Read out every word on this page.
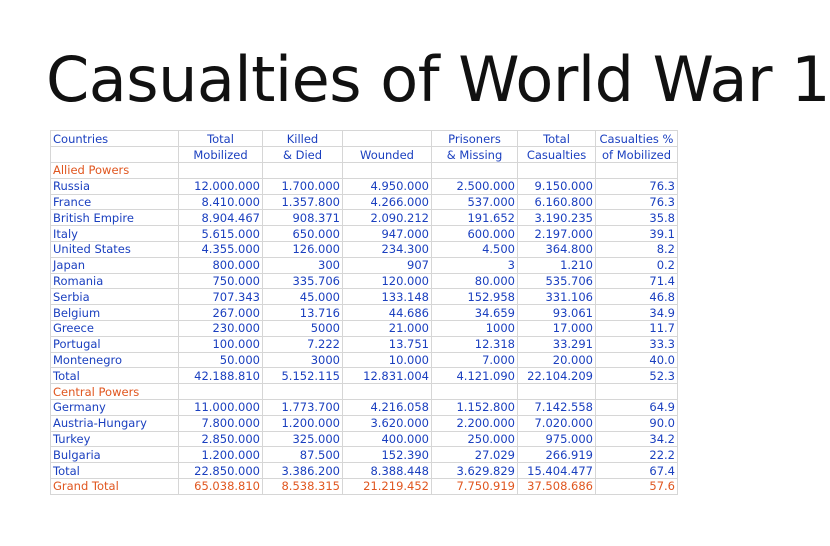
Casualties of World War 1
Countries	Total	Killed		Prisoners	Total	Casualties %
	Mobilized	& Died	Wounded	& Missing	Casualties	of Mobilized
Allied Powers						
Russia	12.000.000	1.700.000	4.950.000	2.500.000	9.150.000	76.3
France	8.410.000	1.357.800	4.266.000	537.000	6.160.800	76.3
British Empire	8.904.467	908.371	2.090.212	191.652	3.190.235	35.8
Italy	5.615.000	650.000	947.000	600.000	2.197.000	39.1
United States	4.355.000	126.000	234.300	4.500	364.800	8.2
Japan	800.000	300	907	3	1.210	0.2
Romania	750.000	335.706	120.000	80.000	535.706	71.4
Serbia	707.343	45.000	133.148	152.958	331.106	46.8
Belgium	267.000	13.716	44.686	34.659	93.061	34.9
Greece	230.000	5000	21.000	1000	17.000	11.7
Portugal	100.000	7.222	13.751	12.318	33.291	33.3
Montenegro	50.000	3000	10.000	7.000	20.000	40.0
Total	42.188.810	5.152.115	12.831.004	4.121.090	22.104.209	52.3
Central Powers						
Germany	11.000.000	1.773.700	4.216.058	1.152.800	7.142.558	64.9
Austria-Hungary	7.800.000	1.200.000	3.620.000	2.200.000	7.020.000	90.0
Turkey	2.850.000	325.000	400.000	250.000	975.000	34.2
Bulgaria	1.200.000	87.500	152.390	27.029	266.919	22.2
Total	22.850.000	3.386.200	8.388.448	3.629.829	15.404.477	67.4
Grand Total	65.038.810	8.538.315	21.219.452	7.750.919	37.508.686	57.6
